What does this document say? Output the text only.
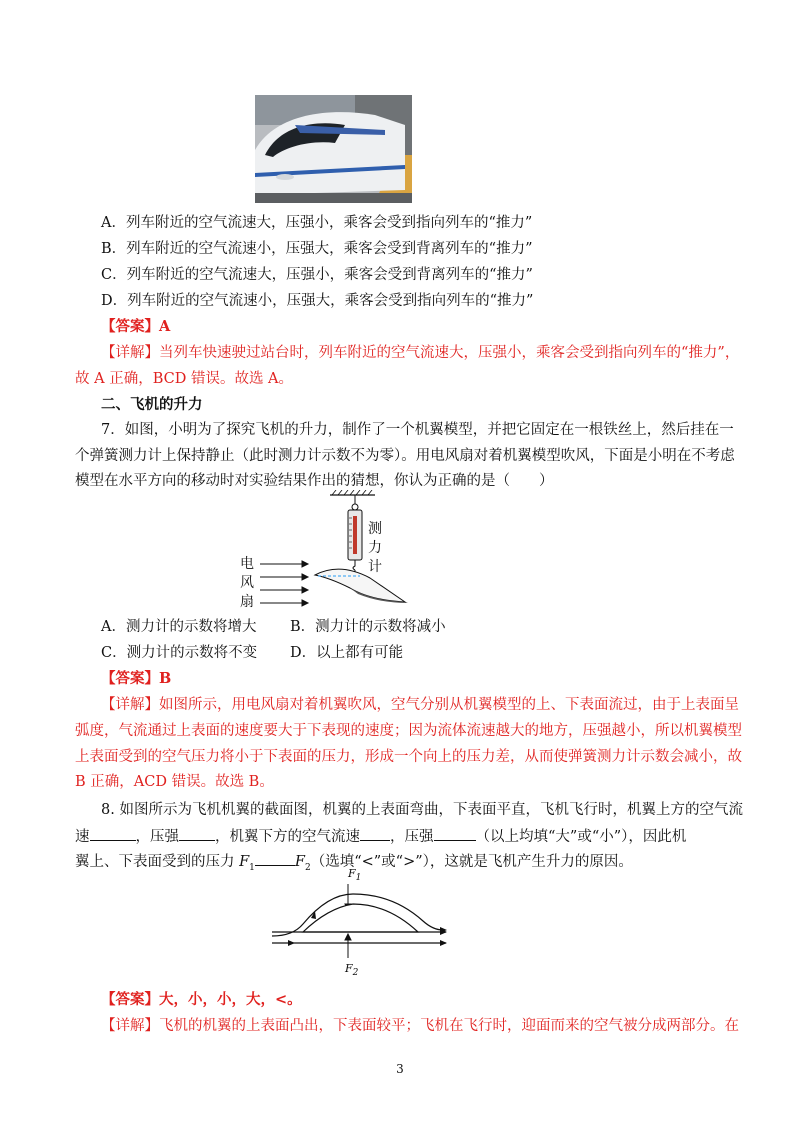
A．列车附近的空气流速大，压强小，乘客会受到指向列车的“推力”
B．列车附近的空气流速小，压强大，乘客会受到背离列车的“推力”
C．列车附近的空气流速大，压强小，乘客会受到背离列车的“推力”
D．列车附近的空气流速小，压强大，乘客会受到指向列车的“推力”
【答案】A
【详解】当列车快速驶过站台时，列车附近的空气流速大，压强小，乘客会受到指向列车的“推力”，
故 A 正确，BCD 错误。故选 A。
二、飞机的升力
7．如图，小明为了探究飞机的升力，制作了一个机翼模型，并把它固定在一根铁丝上，然后挂在一
个弹簧测力计上保持静止（此时测力计示数不为零）。用电风扇对着机翼模型吹风，下面是小明在不考虑
模型在水平方向的移动时对实验结果作出的猜想，你认为正确的是（　　）
测
力
计
电
风
扇
A．测力计的示数将增大 B．测力计的示数将减小
C．测力计的示数将不变 D．以上都有可能
【答案】B
【详解】如图所示，用电风扇对着机翼吹风，空气分别从机翼模型的上、下表面流过，由于上表面呈
弧度，气流通过上表面的速度要大于下表现的速度；因为流体流速越大的地方，压强越小，所以机翼模型
上表面受到的空气压力将小于下表面的压力，形成一个向上的压力差，从而使弹簧测力计示数会减小，故
B 正确，ACD 错误。故选 B。
8. 如图所示为飞机机翼的截面图，机翼的上表面弯曲，下表面平直，飞机飞行时，机翼上方的空气流
速	，压强 ，机翼下方的空气流速 ，压强	（以上均填“大”或“小”），因此机
翼上、下表面受到的压力 $F_1$	$F_2$（选填“<”或“>”），这就是飞机产生升力的原因。
$F_1$
$F_2$
【答案】大，小，小，大，<。
【详解】飞机的机翼的上表面凸出，下表面较平；飞机在飞行时，迎面而来的空气被分成两部分。在
3
